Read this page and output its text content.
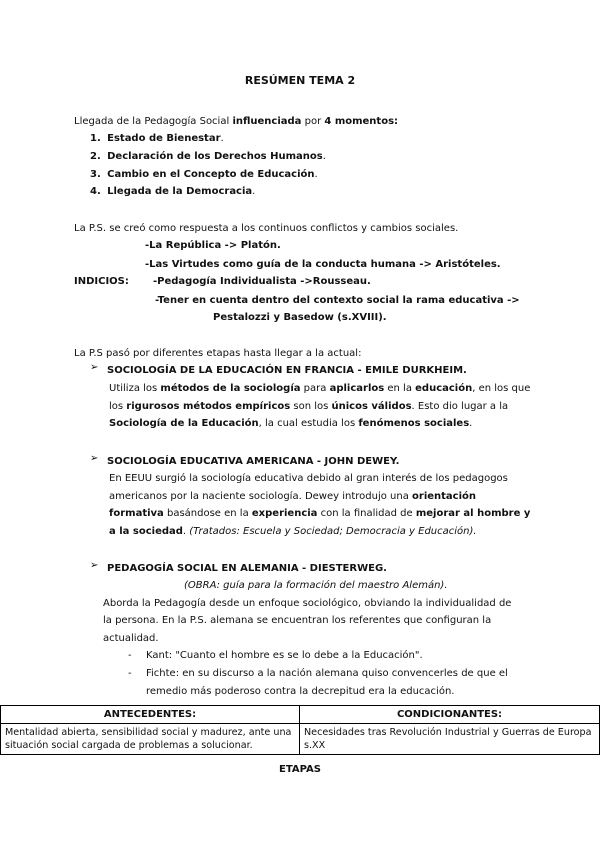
RESÚMEN TEMA 2
Llegada de la Pedagogía Social influenciada por 4 momentos:
1. Estado de Bienestar.
2. Declaración de los Derechos Humanos.
3. Cambio en el Concepto de Educación.
4. Llegada de la Democracia.
La P.S. se creó como respuesta a los continuos conflictos y cambios sociales.
-La República -> Platón.
-Las Virtudes como guía de la conducta humana -> Aristóteles.
INDICIOS: -Pedagogía Individualista ->Rousseau.
-Tener en cuenta dentro del contexto social la rama educativa ->
Pestalozzi y Basedow (s.XVIII).
La P.S pasó por diferentes etapas hasta llegar a la actual:
➢ SOCIOLOGÍA DE LA EDUCACIÓN EN FRANCIA - EMILE DURKHEIM.
Utiliza los métodos de la sociología para aplicarlos en la educación, en los que
los rigurosos métodos empíricos son los únicos válidos. Esto dio lugar a la
Sociología de la Educación, la cual estudia los fenómenos sociales.
➢ SOCIOLOGÍA EDUCATIVA AMERICANA - JOHN DEWEY.
En EEUU surgió la sociología educativa debido al gran interés de los pedagogos
americanos por la naciente sociología. Dewey introdujo una orientación
formativa basándose en la experiencia con la finalidad de mejorar al hombre y
a la sociedad. (Tratados: Escuela y Sociedad; Democracia y Educación).
➢ PEDAGOGÍA SOCIAL EN ALEMANIA - DIESTERWEG.
(OBRA: guía para la formación del maestro Alemán).
Aborda la Pedagogía desde un enfoque sociológico, obviando la individualidad de
la persona. En la P.S. alemana se encuentran los referentes que configuran la
actualidad.
- Kant: "Cuanto el hombre es se lo debe a la Educación".
- Fichte: en su discurso a la nación alemana quiso convencerles de que el
remedio más poderoso contra la decrepitud era la educación.
ANTECEDENTES:	CONDICIONANTES:
Mentalidad abierta, sensibilidad social y madurez, ante una situación social cargada de problemas a solucionar.	Necesidades tras Revolución Industrial y Guerras de Europa s.XX
ETAPAS
